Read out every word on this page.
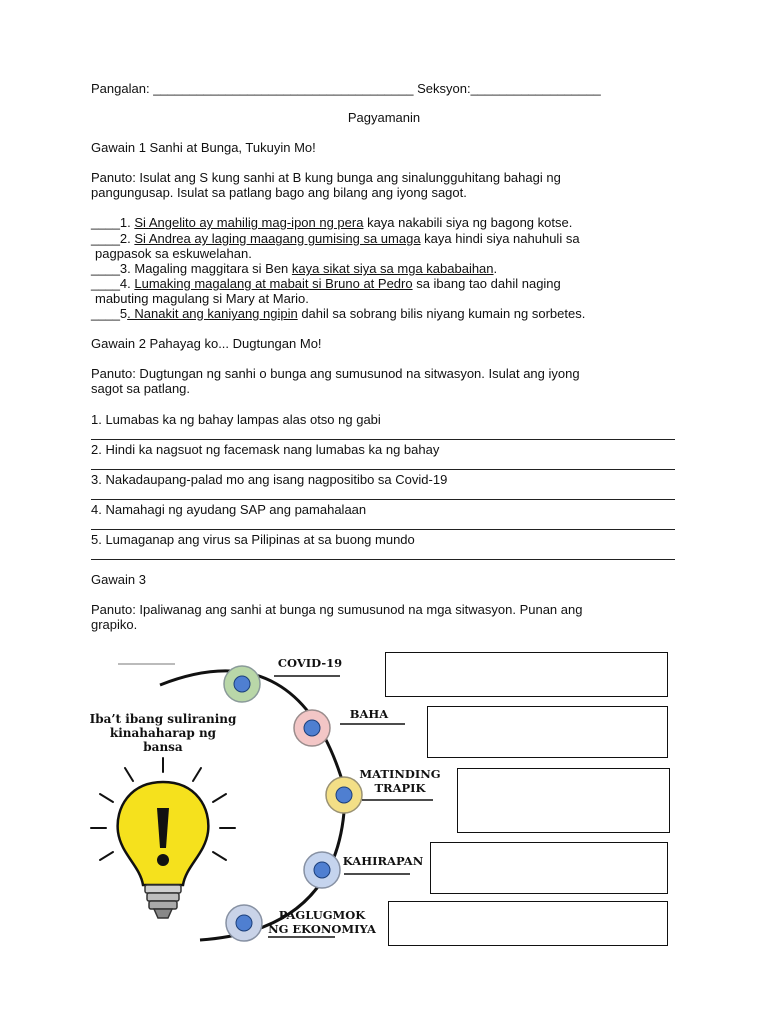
Pangalan: ____________________________________ Seksyon:__________________
Pagyamanin
Gawain 1 Sanhi at Bunga, Tukuyin Mo!
Panuto: Isulat ang S kung sanhi at B kung bunga ang sinalungguhitang bahagi ng
pangungusap. Isulat sa patlang bago ang bilang ang iyong sagot.
____1. Si Angelito ay mahilig mag-ipon ng pera kaya nakabili siya ng bagong kotse.
____2. Si Andrea ay laging maagang gumising sa umaga kaya hindi siya nahuhuli sa
pagpasok sa eskuwelahan.
____3. Magaling maggitara si Ben kaya sikat siya sa mga kababaihan.
____4. Lumaking magalang at mabait si Bruno at Pedro sa ibang tao dahil naging
mabuting magulang si Mary at Mario.
____5. Nanakit ang kaniyang ngipin dahil sa sobrang bilis niyang kumain ng sorbetes.
Gawain 2 Pahayag ko... Dugtungan Mo!
Panuto: Dugtungan ng sanhi o bunga ang sumusunod na sitwasyon. Isulat ang iyong
sagot sa patlang.
1. Lumabas ka ng bahay lampas alas otso ng gabi
2. Hindi ka nagsuot ng facemask nang lumabas ka ng bahay
3. Nakadaupang-palad mo ang isang nagpositibo sa Covid-19
4. Namahagi ng ayudang SAP ang pamahalaan
5. Lumaganap ang virus sa Pilipinas at sa buong mundo
Gawain 3
Panuto: Ipaliwanag ang sanhi at bunga ng sumusunod na mga sitwasyon. Punan ang
grapiko.
Iba’t ibang suliraning
kinahaharap ng
bansa
COVID-19
BAHA
MATINDING
TRAPIK
KAHIRAPAN
PAGLUGMOK
NG EKONOMIYA
